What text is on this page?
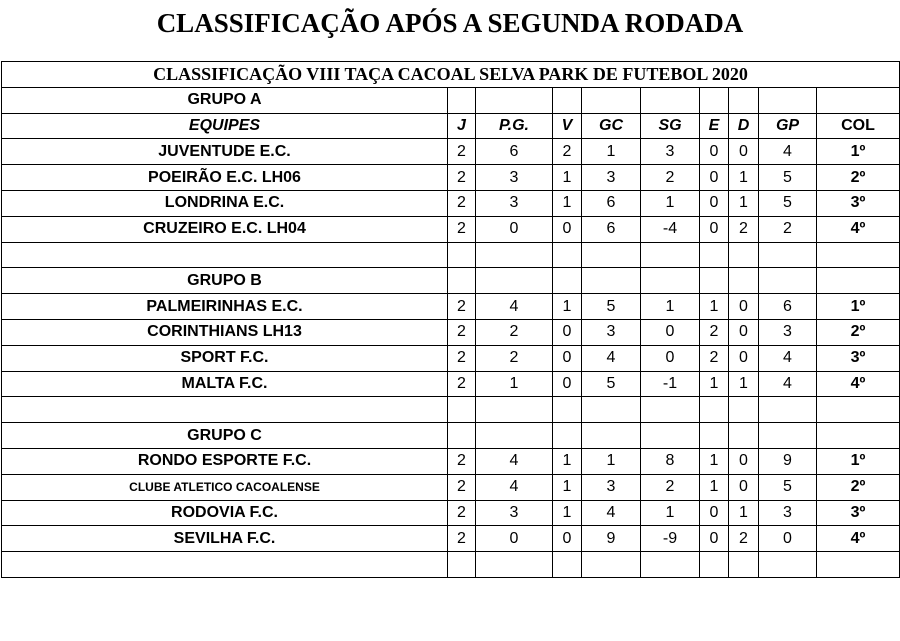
CLASSIFICAÇÃO APÓS A SEGUNDA RODADA
CLASSIFICAÇÃO VIII TAÇA CACOAL SELVA PARK DE FUTEBOL 2020									
GRUPO A									
EQUIPES	J	P.G.	V	GC	SG	E	D	GP	COL
JUVENTUDE E.C.	2	6	2	1	3	0	0	4	1º
POEIRÃO E.C. LH06	2	3	1	3	2	0	1	5	2º
LONDRINA E.C.	2	3	1	6	1	0	1	5	3º
CRUZEIRO E.C. LH04	2	0	0	6	-4	0	2	2	4º

GRUPO B									
PALMEIRINHAS E.C.	2	4	1	5	1	1	0	6	1º
CORINTHIANS LH13	2	2	0	3	0	2	0	3	2º
SPORT F.C.	2	2	0	4	0	2	0	4	3º
MALTA F.C.	2	1	0	5	-1	1	1	4	4º

GRUPO C									
RONDO ESPORTE F.C.	2	4	1	1	8	1	0	9	1º
CLUBE ATLETICO CACOALENSE	2	4	1	3	2	1	0	5	2º
RODOVIA F.C.	2	3	1	4	1	0	1	3	3º
SEVILHA F.C.	2	0	0	9	-9	0	2	0	4º
